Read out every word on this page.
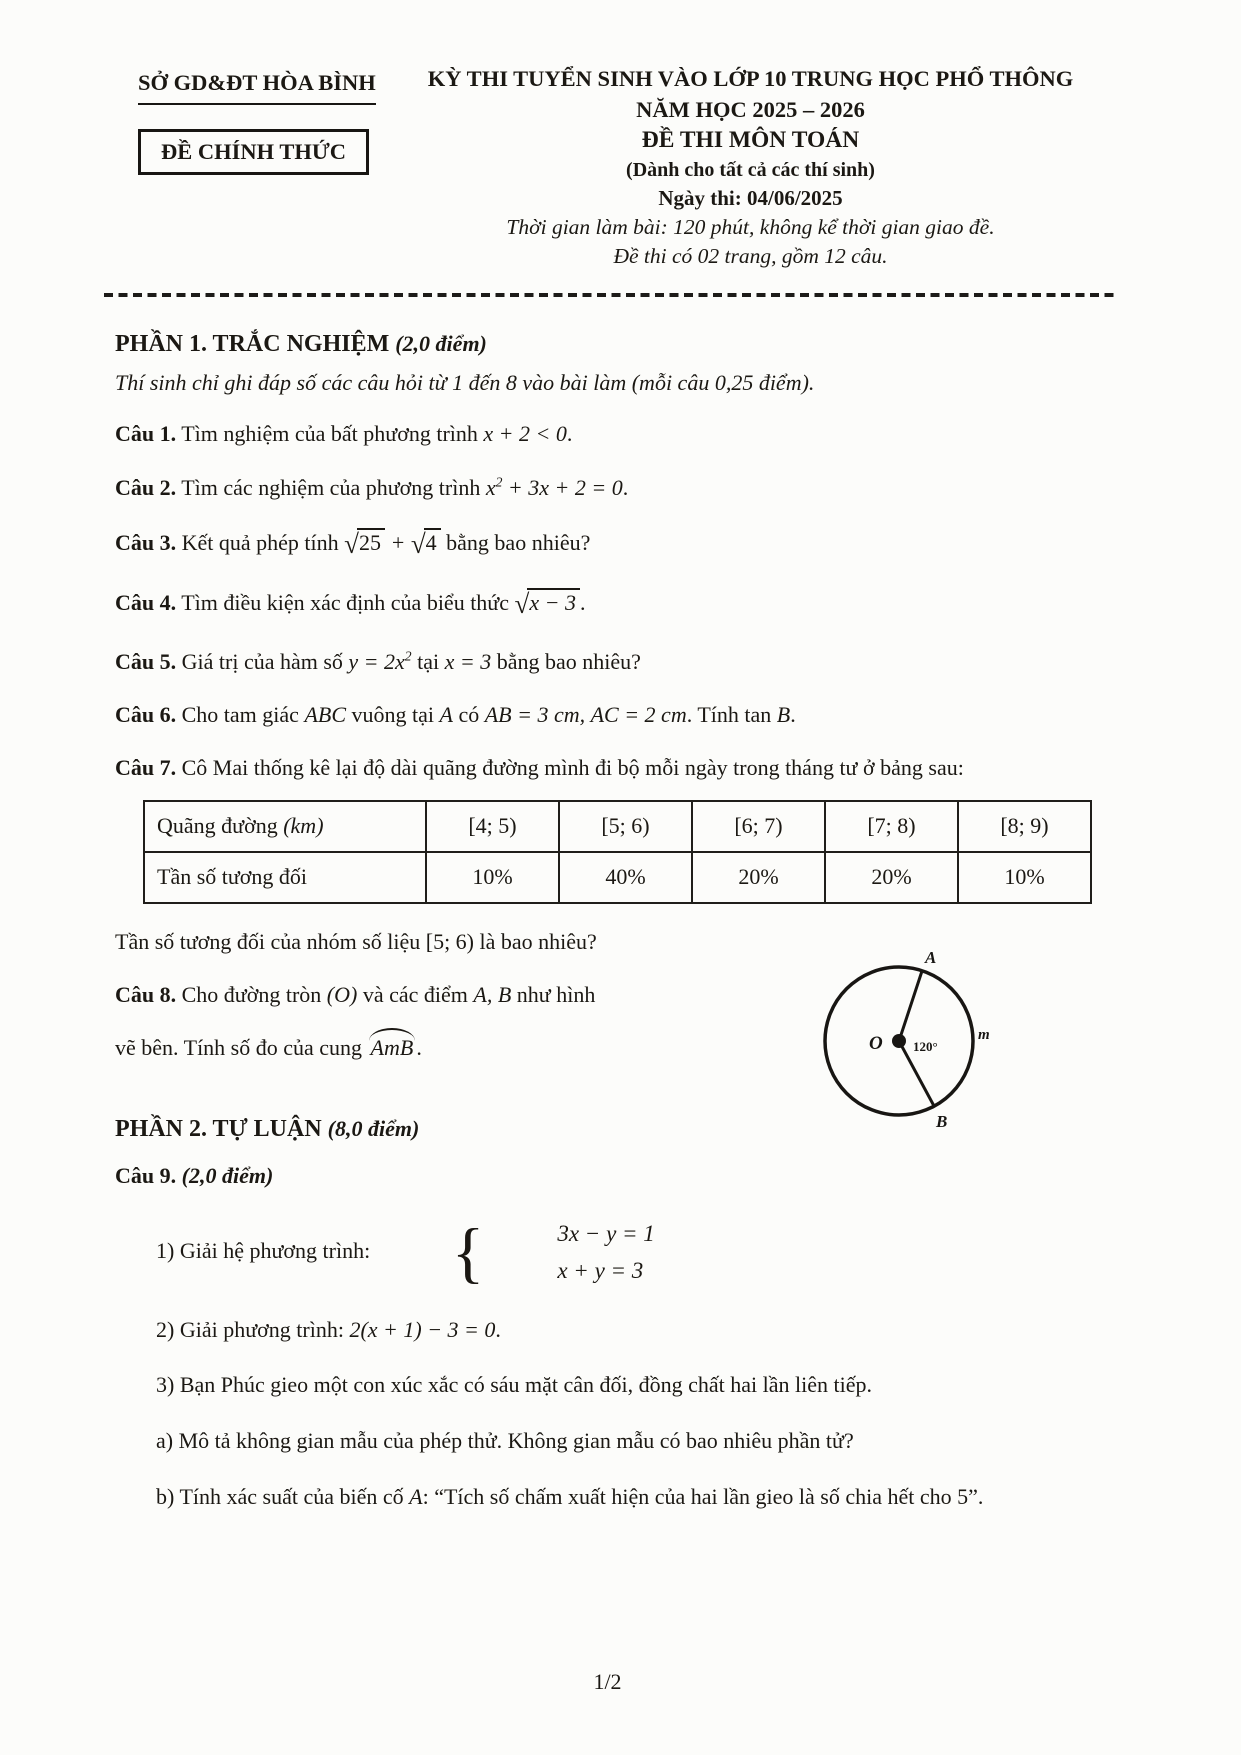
SỞ GD&ĐT HÒA BÌNH
ĐỀ CHÍNH THỨC
KỲ THI TUYỂN SINH VÀO LỚP 10 TRUNG HỌC PHỔ THÔNG
NĂM HỌC 2025 – 2026
ĐỀ THI MÔN TOÁN
(Dành cho tất cả các thí sinh)
Ngày thi: 04/06/2025
Thời gian làm bài: 120 phút, không kể thời gian giao đề.
Đề thi có 02 trang, gồm 12 câu.
PHẦN 1. TRẮC NGHIỆM (2,0 điểm)
Thí sinh chỉ ghi đáp số các câu hỏi từ 1 đến 8 vào bài làm (mỗi câu 0,25 điểm).

Câu 1. Tìm nghiệm của bất phương trình x + 2 < 0.

Câu 2. Tìm các nghiệm của phương trình $x^2 + 3x + 2 = 0$.

Câu 3. Kết quả phép tính √25 + √4 bằng bao nhiêu?

Câu 4. Tìm điều kiện xác định của biểu thức √x − 3 .

Câu 5. Giá trị của hàm số $y = 2x^2$ tại x = 3 bằng bao nhiêu?

Câu 6. Cho tam giác ABC vuông tại A có AB = 3 cm, AC = 2 cm. Tính tan B.

Câu 7. Cô Mai thống kê lại độ dài quãng đường mình đi bộ mỗi ngày trong tháng tư ở bảng sau:

Quãng đường (km)	[4; 5)	[5; 6)	[6; 7)	[7; 8)	[8; 9)
Tần số tương đối	10%	40%	20%	20%	10%

Tần số tương đối của nhóm số liệu [5; 6) là bao nhiêu?

Câu 8. Cho đường tròn (O) và các điểm A, B như hình

vẽ bên. Tính số đo của cung AmB .	O 120°
A
B
m
PHẦN 2. TỰ LUẬN (8,0 điểm)

Câu 9. (2,0 điểm)

1) Giải hệ phương trình:	{	3x − y = 1
x + y = 3

2) Giải phương trình: 2(x + 1) − 3 = 0.

3) Bạn Phúc gieo một con xúc xắc có sáu mặt cân đối, đồng chất hai lần liên tiếp.

a) Mô tả không gian mẫu của phép thử. Không gian mẫu có bao nhiêu phần tử?

b) Tính xác suất của biến cố A: “Tích số chấm xuất hiện của hai lần gieo là số chia hết cho 5”.

1/2
